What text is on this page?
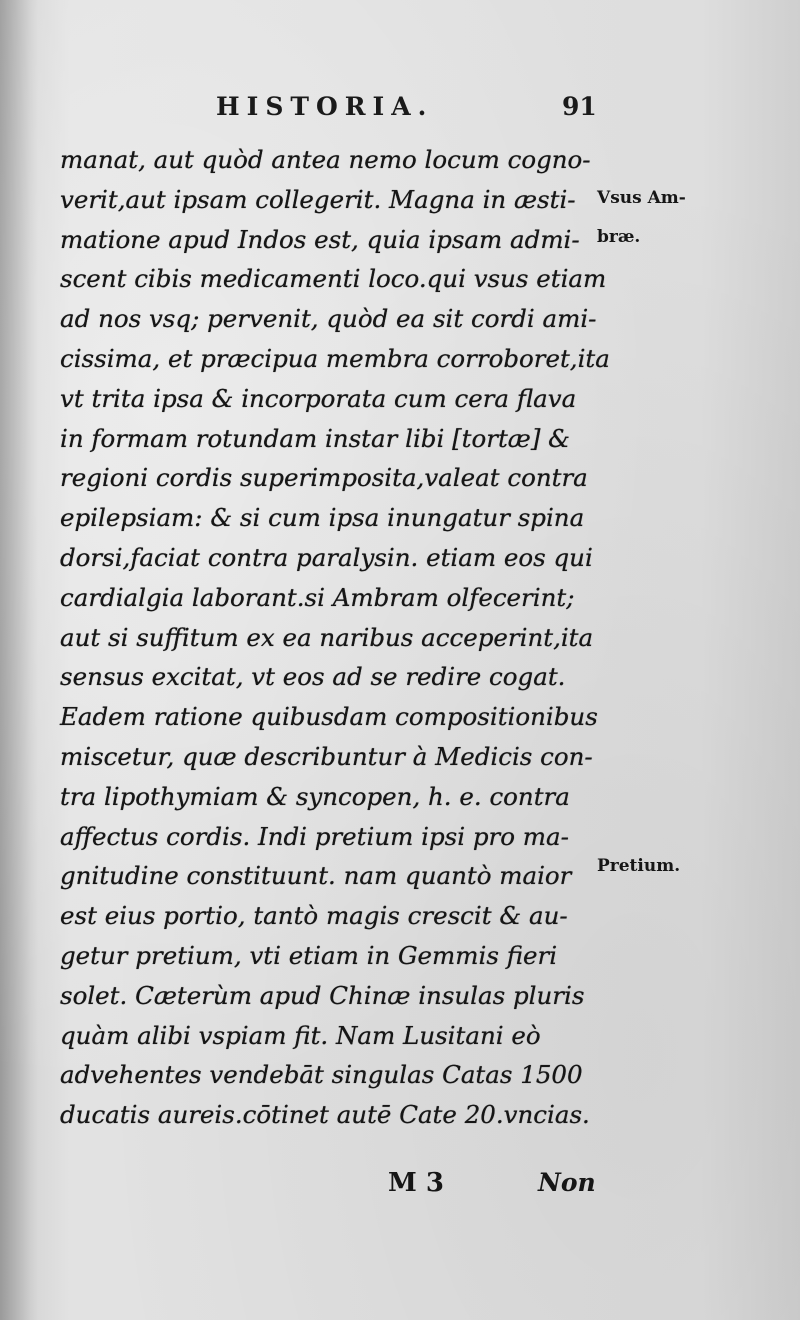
HISTORIA.	91
manat, aut quòd antea nemo locum cogno-
verit,aut ipsam collegerit. Magna in æsti-
matione apud Indos est, quia ipsam admi-
scent cibis medicamenti loco.qui vsus etiam
ad nos vsq; pervenit, quòd ea sit cordi ami-
cissima, et præcipua membra corroboret,ita
vt trita ipsa & incorporata cum cera flava
in formam rotundam instar libi [tortæ] &
regioni cordis superimposita,valeat contra
epilepsiam: & si cum ipsa inungatur spina
dorsi,faciat contra paralysin. etiam eos qui
cardialgia laborant.si Ambram olfecerint;
aut si suffitum ex ea naribus acceperint,ita
sensus excitat, vt eos ad se redire cogat.
Eadem ratione quibusdam compositionibus
miscetur, quæ describuntur à Medicis con-
tra lipothymiam & syncopen, h. e. contra
affectus cordis. Indi pretium ipsi pro ma-
gnitudine constituunt. nam quantò maior
est eius portio, tantò magis crescit & au-
getur pretium, vti etiam in Gemmis fieri
solet. Cæterùm apud Chinæ insulas pluris
quàm alibi vspiam fit. Nam Lusitani eò
advehentes vendebāt singulas Catas 1500
ducatis aureis.cōtinet autē Cate 20.vncias.
Vsus Am-
bræ.
Pretium.
M 3	Non
